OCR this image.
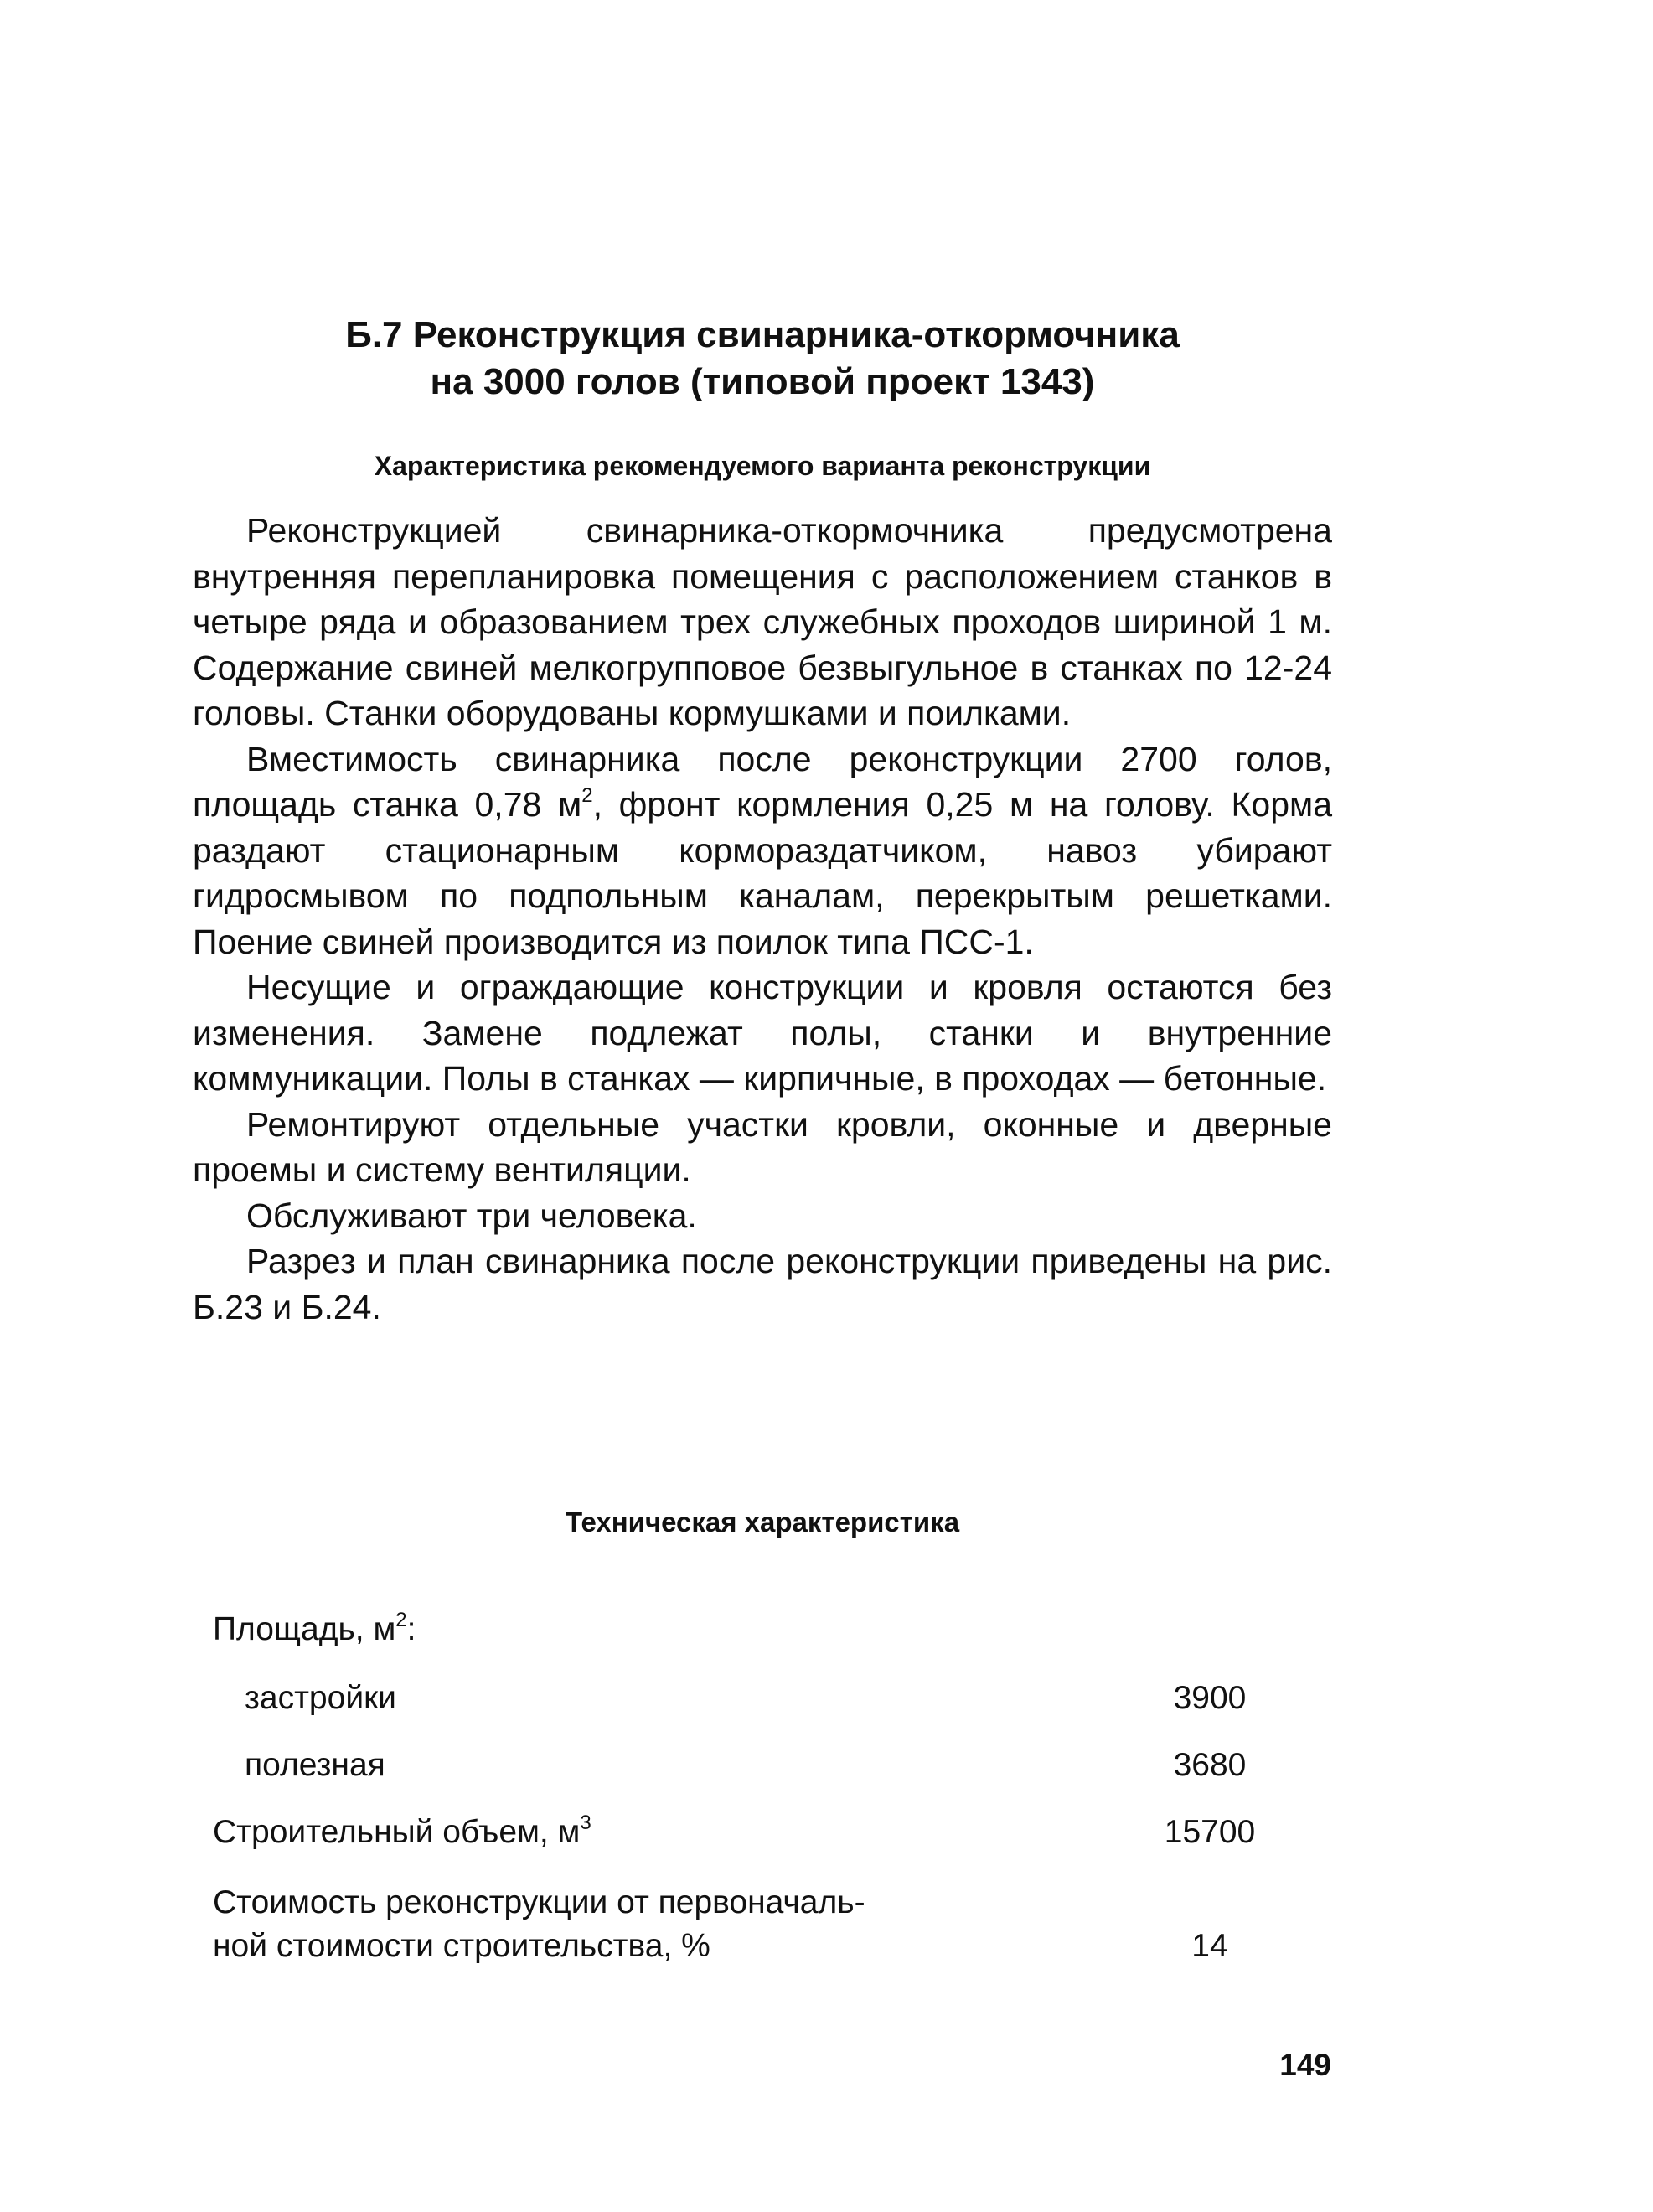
Б.7 Реконструкция свинарника-откормочника
на 3000 голов (типовой проект 1343)
Характеристика рекомендуемого варианта реконструкции

Реконструкцией свинарника-откормочника предусмотрена внутренняя перепланировка помещения с расположением станков в четыре ряда и образованием трех служебных проходов шириной 1 м. Содержание свиней мелкогрупповое безвыгульное в станках по 12-24 головы. Станки оборудованы кормушками и поилками.

Вместимость свинарника после реконструкции 2700 голов, площадь станка 0,78 $м^2$, фронт кормления 0,25 м на голову. Корма раздают стационарным кормораздатчиком, навоз убирают гидросмывом по подпольным каналам, перекрытым решетками. Поение свиней производится из поилок типа ПСС-1.

Несущие и ограждающие конструкции и кровля остаются без изменения. Замене подлежат полы, станки и внутренние коммуникации. Полы в станках — кирпичные, в проходах — бетонные.

Ремонтируют отдельные участки кровли, оконные и дверные проемы и систему вентиляции.

Обслуживают три человека.

Разрез и план свинарника после реконструкции приведены на рис. Б.23 и Б.24.

Техническая характеристика
Площадь, $м^2$:
застройки	3900
полезная	3680
Строительный объем, $м^3$	15700
Стоимость реконструкции от первоначаль-
ной стоимости строительства, %	14
149
